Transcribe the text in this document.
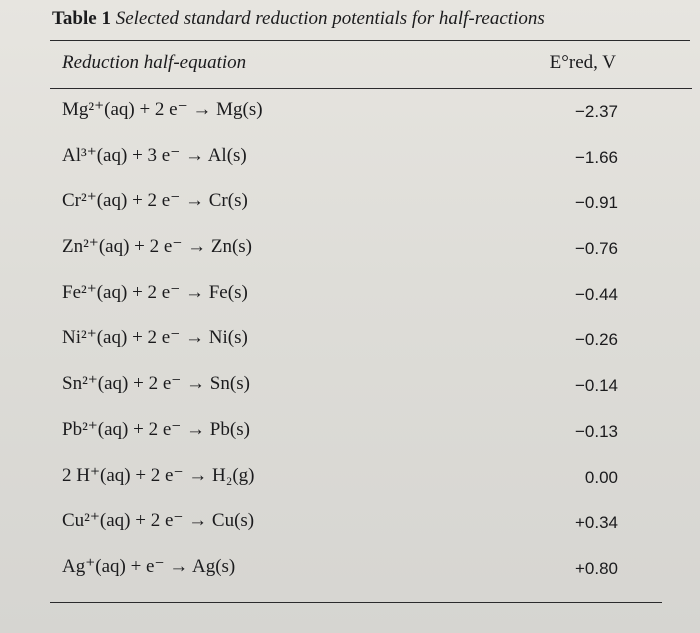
Table 1 Selected standard reduction potentials for half-reactions
Reduction half-equation	E°red, V
Mg²⁺(aq) + 2 e⁻ → Mg(s)	−2.37
Al³⁺(aq) + 3 e⁻ → Al(s)	−1.66
Cr²⁺(aq) + 2 e⁻ → Cr(s)	−0.91
Zn²⁺(aq) + 2 e⁻ → Zn(s)	−0.76
Fe²⁺(aq) + 2 e⁻ → Fe(s)	−0.44
Ni²⁺(aq) + 2 e⁻ → Ni(s)	−0.26
Sn²⁺(aq) + 2 e⁻ → Sn(s)	−0.14
Pb²⁺(aq) + 2 e⁻ → Pb(s)	−0.13
2 H⁺(aq) + 2 e⁻ → H₂(g)	0.00
Cu²⁺(aq) + 2 e⁻ → Cu(s)	+0.34
Ag⁺(aq) + e⁻ → Ag(s)	+0.80
